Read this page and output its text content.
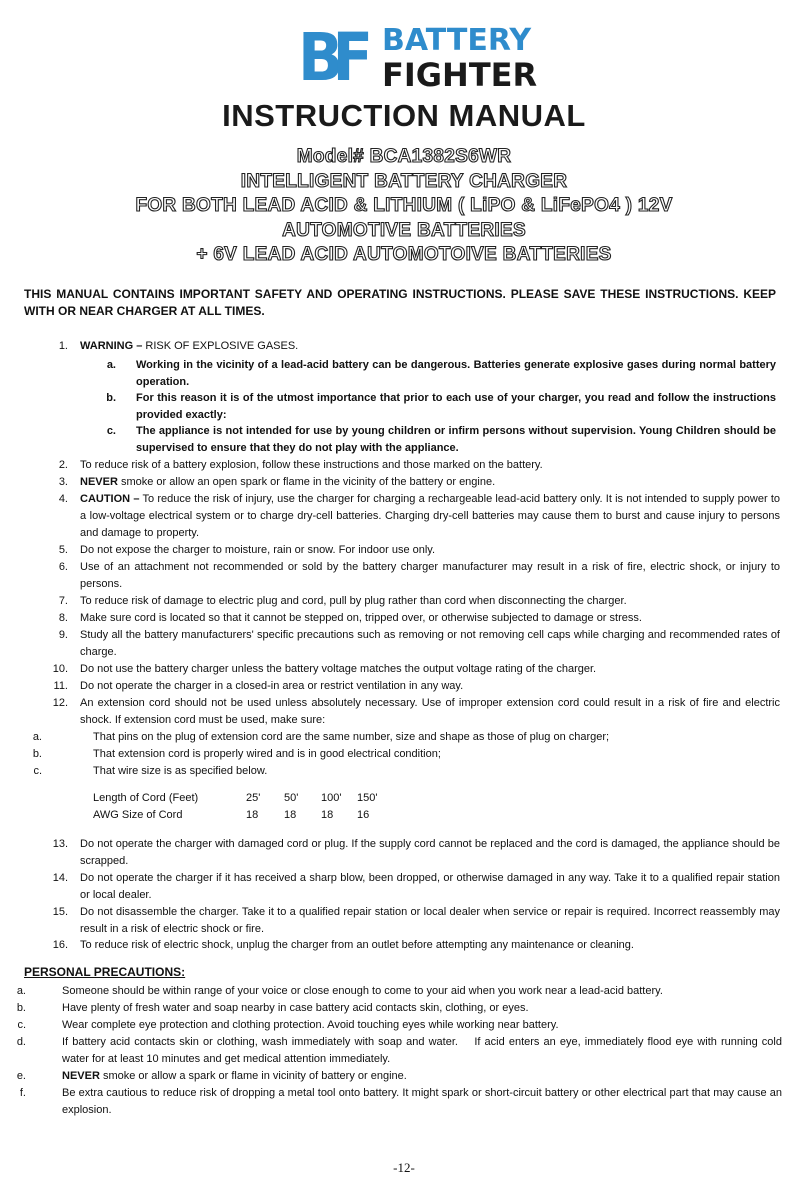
BF BATTERY
FIGHTER
INSTRUCTION MANUAL
Model# BCA1382S6WR
INTELLIGENT BATTERY CHARGER
FOR BOTH LEAD ACID & LITHIUM ( LiPO & LiFePO4 ) 12V
AUTOMOTIVE BATTERIES
+ 6V LEAD ACID AUTOMOTOIVE BATTERIES
THIS MANUAL CONTAINS IMPORTANT SAFETY AND OPERATING INSTRUCTIONS. PLEASE SAVE THESE INSTRUCTIONS. KEEP WITH OR NEAR CHARGER AT ALL TIMES.
1. WARNING – RISK OF EXPLOSIVE GASES.
a. Working in the vicinity of a lead-acid battery can be dangerous. Batteries generate explosive gases during normal battery operation.
b. For this reason it is of the utmost importance that prior to each use of your charger, you read and follow the instructions provided exactly:
c. The appliance is not intended for use by young children or infirm persons without supervision. Young Children should be supervised to ensure that they do not play with the appliance.
2. To reduce risk of a battery explosion, follow these instructions and those marked on the battery.
3. NEVER smoke or allow an open spark or flame in the vicinity of the battery or engine.
4. CAUTION – To reduce the risk of injury, use the charger for charging a rechargeable lead-acid battery only. It is not intended to supply power to a low-voltage electrical system or to charge dry-cell batteries. Charging dry-cell batteries may cause them to burst and cause injury to persons and damage to property.
5. Do not expose the charger to moisture, rain or snow. For indoor use only.
6. Use of an attachment not recommended or sold by the battery charger manufacturer may result in a risk of fire, electric shock, or injury to persons.
7. To reduce risk of damage to electric plug and cord, pull by plug rather than cord when disconnecting the charger.
8. Make sure cord is located so that it cannot be stepped on, tripped over, or otherwise subjected to damage or stress.
9. Study all the battery manufacturers' specific precautions such as removing or not removing cell caps while charging and recommended rates of charge.
10. Do not use the battery charger unless the battery voltage matches the output voltage rating of the charger.
11. Do not operate the charger in a closed-in area or restrict ventilation in any way.
12. An extension cord should not be used unless absolutely necessary. Use of improper extension cord could result in a risk of fire and electric shock. If extension cord must be used, make sure:
a.	That pins on the plug of extension cord are the same number, size and shape as those of plug on charger;
b.	That extension cord is properly wired and is in good electrical condition;
c.	That wire size is as specified below.
Length of Cord (Feet)	25' 50' 100' 150'
AWG Size of Cord	18 18 18 16
13. Do not operate the charger with damaged cord or plug. If the supply cord cannot be replaced and the cord is damaged, the appliance should be scrapped.
14. Do not operate the charger if it has received a sharp blow, been dropped, or otherwise damaged in any way. Take it to a qualified repair station or local dealer.
15. Do not disassemble the charger. Take it to a qualified repair station or local dealer when service or repair is required. Incorrect reassembly may result in a risk of electric shock or fire.
16. To reduce risk of electric shock, unplug the charger from an outlet before attempting any maintenance or cleaning.
PERSONAL PRECAUTIONS:
a.	Someone should be within range of your voice or close enough to come to your aid when you work near a lead-acid battery.
b.	Have plenty of fresh water and soap nearby in case battery acid contacts skin, clothing, or eyes.
c.	Wear complete eye protection and clothing protection. Avoid touching eyes while working near battery.
d.	If battery acid contacts skin or clothing, wash immediately with soap and water.    If acid enters an eye, immediately flood eye with running cold water for at least 10 minutes and get medical attention immediately.
e.	NEVER smoke or allow a spark or flame in vicinity of battery or engine.
f.	Be extra cautious to reduce risk of dropping a metal tool onto battery. It might spark or short-circuit battery or other electrical part that may cause an explosion.
-12-
